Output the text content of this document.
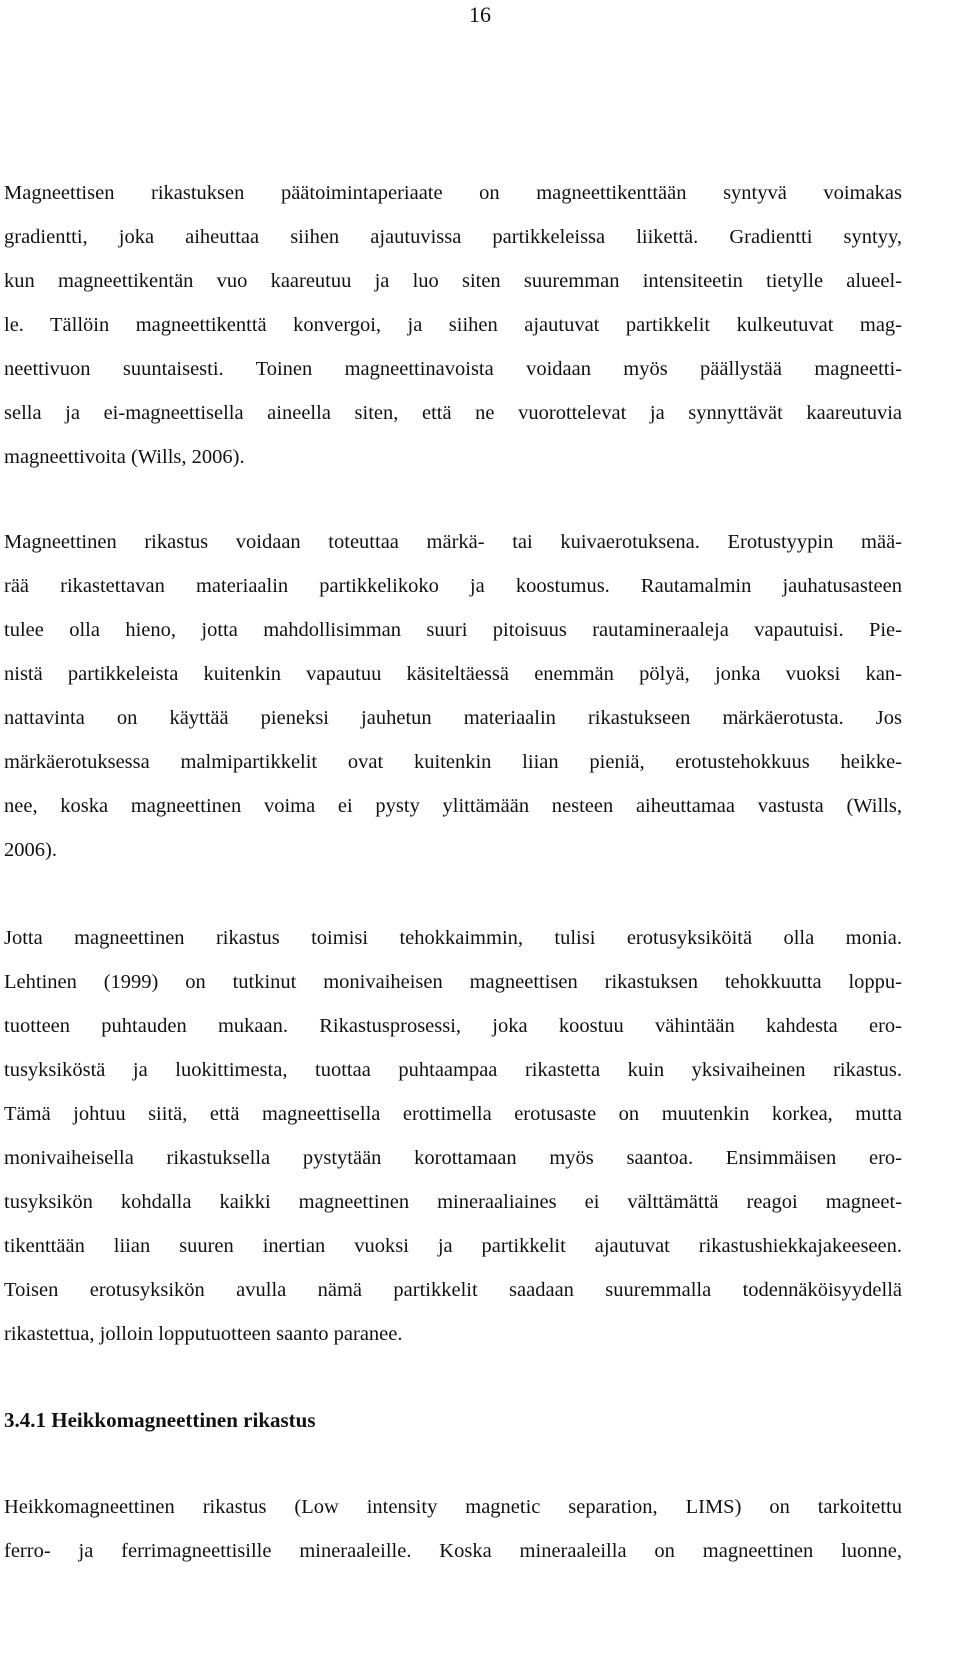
16
Magneettisen rikastuksen päätoimintaperiaate on magneettikenttään syntyvä voimakas
gradientti, joka aiheuttaa siihen ajautuvissa partikkeleissa liikettä. Gradientti syntyy,
kun magneettikentän vuo kaareutuu ja luo siten suuremman intensiteetin tietylle alueel-
le. Tällöin magneettikenttä konvergoi, ja siihen ajautuvat partikkelit kulkeutuvat mag-
neettivuon suuntaisesti. Toinen magneettinavoista voidaan myös päällystää magneetti-
sella ja ei-magneettisella aineella siten, että ne vuorottelevat ja synnyttävät kaareutuvia
magneettivoita (Wills, 2006).
Magneettinen rikastus voidaan toteuttaa märkä- tai kuivaerotuksena. Erotustyypin mää-
rää rikastettavan materiaalin partikkelikoko ja koostumus. Rautamalmin jauhatusasteen
tulee olla hieno, jotta mahdollisimman suuri pitoisuus rautamineraaleja vapautuisi. Pie-
nistä partikkeleista kuitenkin vapautuu käsiteltäessä enemmän pölyä, jonka vuoksi kan-
nattavinta on käyttää pieneksi jauhetun materiaalin rikastukseen märkäerotusta. Jos
märkäerotuksessa malmipartikkelit ovat kuitenkin liian pieniä, erotustehokkuus heikke-
nee, koska magneettinen voima ei pysty ylittämään nesteen aiheuttamaa vastusta (Wills,
2006).
Jotta magneettinen rikastus toimisi tehokkaimmin, tulisi erotusyksiköitä olla monia.
Lehtinen (1999) on tutkinut monivaiheisen magneettisen rikastuksen tehokkuutta loppu-
tuotteen puhtauden mukaan. Rikastusprosessi, joka koostuu vähintään kahdesta ero-
tusyksiköstä ja luokittimesta, tuottaa puhtaampaa rikastetta kuin yksivaiheinen rikastus.
Tämä johtuu siitä, että magneettisella erottimella erotusaste on muutenkin korkea, mutta
monivaiheisella rikastuksella pystytään korottamaan myös saantoa. Ensimmäisen ero-
tusyksikön kohdalla kaikki magneettinen mineraaliaines ei välttämättä reagoi magneet-
tikenttään liian suuren inertian vuoksi ja partikkelit ajautuvat rikastushiekkajakeeseen.
Toisen erotusyksikön avulla nämä partikkelit saadaan suuremmalla todennäköisyydellä
rikastettua, jolloin lopputuotteen saanto paranee.
3.4.1 Heikkomagneettinen rikastus
Heikkomagneettinen rikastus (Low intensity magnetic separation, LIMS) on tarkoitettu
ferro- ja ferrimagneettisille mineraaleille. Koska mineraaleilla on magneettinen luonne,
